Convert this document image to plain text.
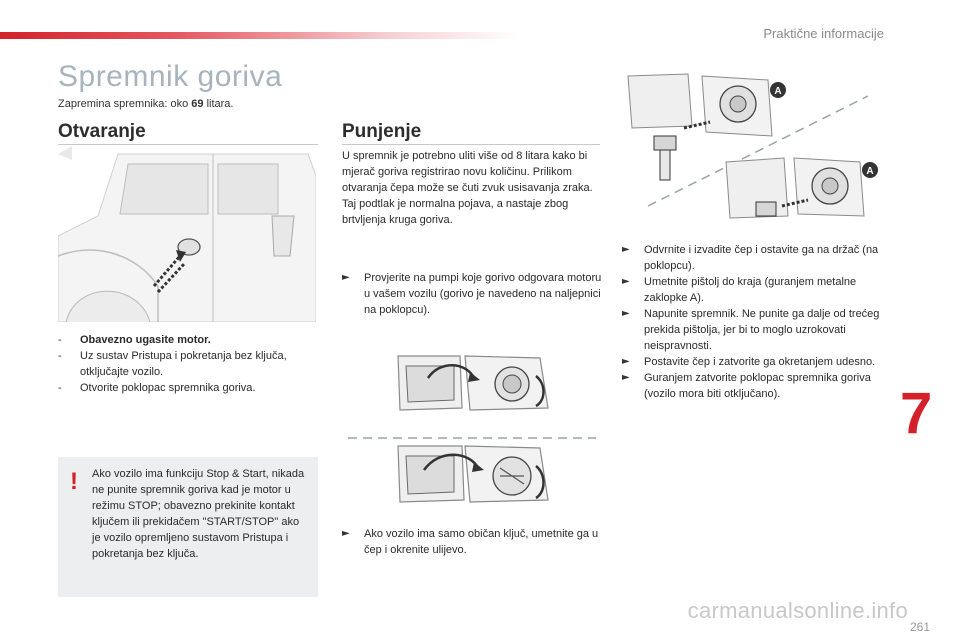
Praktične informacije
Spremnik goriva
Zapremina spremnika: oko 69 litara.
Otvaranje
-	Obavezno ugasite motor.
-	Uz sustav Pristupa i pokretanja bez ključa, otključajte vozilo.
-	Otvorite poklopac spremnika goriva.
! Ako vozilo ima funkciju Stop & Start, nikada ne punite spremnik goriva kad je motor u režimu STOP; obavezno prekinite kontakt ključem ili prekidačem "START/STOP" ako je vozilo opremljeno sustavom Pristupa i pokretanja bez ključa.
Punjenje
U spremnik je potrebno uliti više od 8 litara kako bi mjerač goriva registrirao novu količinu. Prilikom otvaranja čepa može se čuti zvuk usisavanja zraka. Taj podtlak je normalna pojava, a nastaje zbog brtvljenja kruga goriva.
►	Provjerite na pumpi koje gorivo odgovara motoru u vašem vozilu (gorivo je navedeno na naljepnici na poklopcu).
►	Ako vozilo ima samo običan ključ, umetnite ga u čep i okrenite ulijevo.
A
A
►	Odvrnite i izvadite čep i ostavite ga na držač (na poklopcu).
►	Umetnite pištolj do kraja (guranjem metalne zaklopke A).
►	Napunite spremnik. Ne punite ga dalje od trećeg prekida pištolja, jer bi to moglo uzrokovati neispravnosti.
►	Postavite čep i zatvorite ga okretanjem udesno.
►	Guranjem zatvorite poklopac spremnika goriva (vozilo mora biti otključano).	7
carmanualsonline.info
261
